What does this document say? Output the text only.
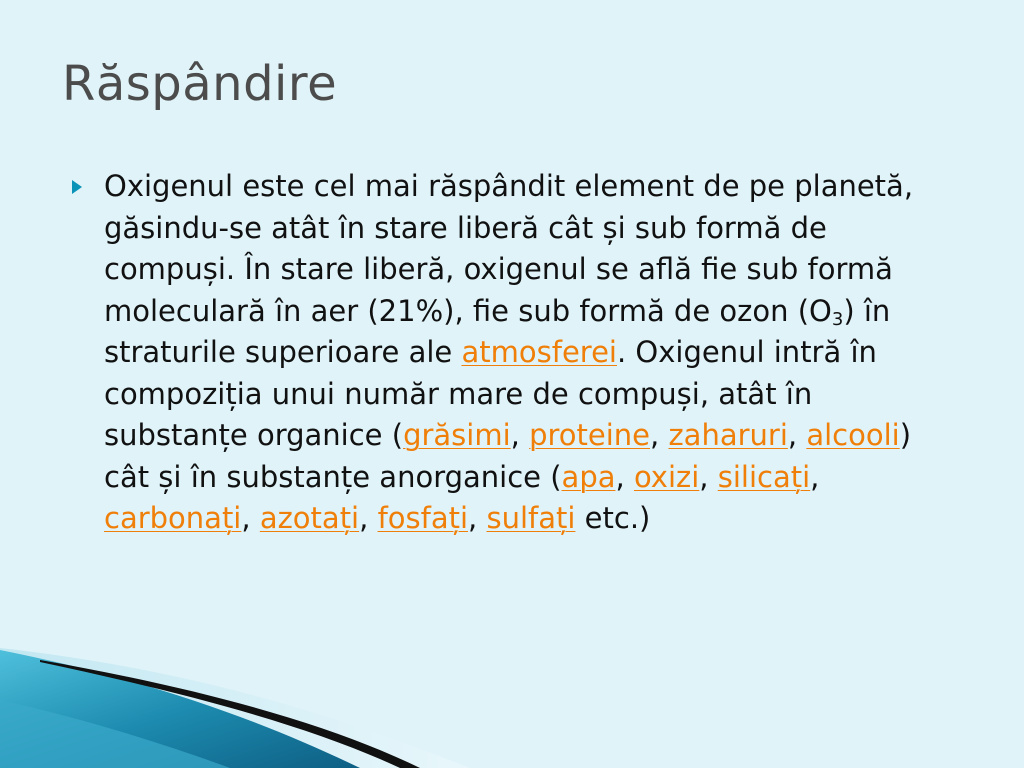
Răspândire

Oxigenul este cel mai răspândit element de pe planetă, găsindu-se atât în stare liberă cât și sub formă de compuși. În stare liberă, oxigenul se află fie sub formă moleculară în aer (21%), fie sub formă de ozon $(O_3)$ în straturile superioare ale atmosferei. Oxigenul intră în compoziția unui număr mare de compuși, atât în substanțe organice (grăsimi, proteine, zaharuri, alcooli) cât și în substanțe anorganice (apa, oxizi, silicați, carbonați, azotați, fosfați, sulfați etc.)
